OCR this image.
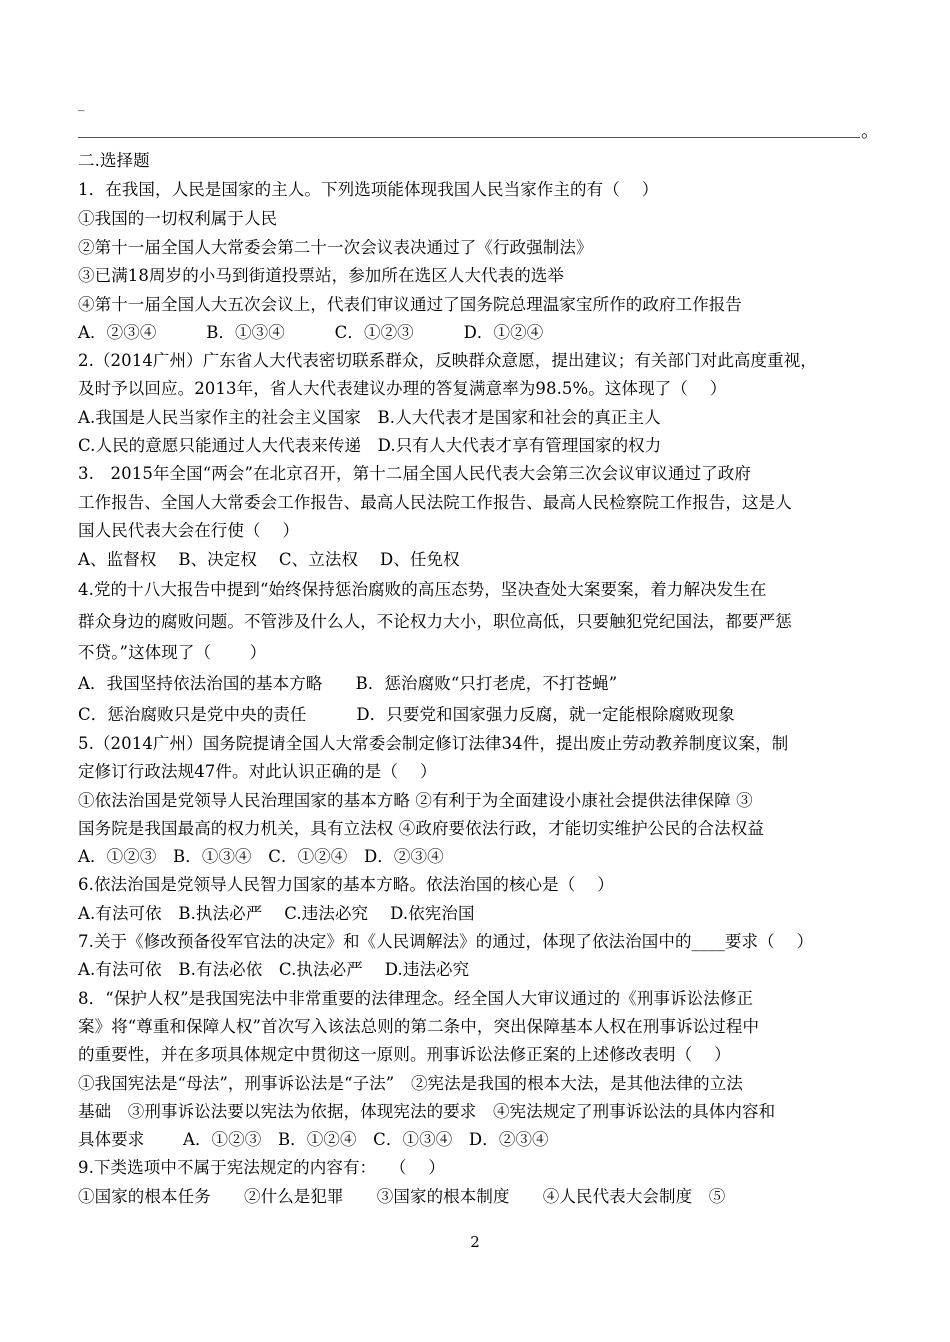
_
。
二.选择题
1．在我国，人民是国家的主人。下列选项能体现我国人民当家作主的有（　 ）
①我国的一切权利属于人民
②第十一届全国人大常委会第二十一次会议表决通过了《行政强制法》
③已满18周岁的小马到街道投票站，参加所在选区人大代表的选举
④第十一届全国人大五次会议上，代表们审议通过了国务院总理温家宝所作的政府工作报告
A．②③④　　　B．①③④　　　C．①②③　　　D．①②④
2.（2014广州）广东省人大代表密切联系群众，反映群众意愿，提出建议；有关部门对此高度重视，
及时予以回应。2013年，省人大代表建议办理的答复满意率为98.5%。这体现了（　 ）
A.我国是人民当家作主的社会主义国家　B.人大代表才是国家和社会的真正主人
C.人民的意愿只能通过人大代表来传递　D.只有人大代表才享有管理国家的权力
3.　2015年全国“两会”在北京召开，第十二届全国人民代表大会第三次会议审议通过了政府
工作报告、全国人大常委会工作报告、最高人民法院工作报告、最高人民检察院工作报告，这是人
国人民代表大会在行使（　 ）
A、监督权　 B、决定权　 C、立法权　 D、任免权
4.党的十八大报告中提到“始终保持惩治腐败的高压态势，坚决查处大案要案，着力解决发生在
群众身边的腐败问题。不管涉及什么人，不论权力大小，职位高低，只要触犯党纪国法，都要严惩
不贷。”这体现了（　　 ）
A．我国坚持依法治国的基本方略　　B．惩治腐败“只打老虎，不打苍蝇”
C．惩治腐败只是党中央的责任　　　D．只要党和国家强力反腐，就一定能根除腐败现象
5.（2014广州）国务院提请全国人大常委会制定修订法律34件，提出废止劳动教养制度议案，制
定修订行政法规47件。对此认识正确的是（　 ）
①依法治国是党领导人民治理国家的基本方略 ②有利于为全面建设小康社会提供法律保障 ③
国务院是我国最高的权力机关，具有立法权 ④政府要依法行政，才能切实维护公民的合法权益
A．①②③　B．①③④　C．①②④　D．②③④
6.依法治国是党领导人民智力国家的基本方略。依法治国的核心是（　 ）
A.有法可依　B.执法必严　 C.违法必究　 D.依宪治国
7.关于《修改预备役军官法的决定》和《人民调解法》的通过，体现了依法治国中的____要求（　 ）
A.有法可依　B.有法必依　C.执法必严　 D.违法必究
8．“保护人权”是我国宪法中非常重要的法律理念。经全国人大审议通过的《刑事诉讼法修正
案》将“尊重和保障人权”首次写入该法总则的第二条中，突出保障基本人权在刑事诉讼过程中
的重要性，并在多项具体规定中贯彻这一原则。刑事诉讼法修正案的上述修改表明（　 ）
①我国宪法是“母法”，刑事诉讼法是“子法”　②宪法是我国的根本大法，是其他法律的立法
基础　③刑事诉讼法要以宪法为依据，体现宪法的要求　④宪法规定了刑事诉讼法的具体内容和
具体要求　　 A．①②③　B．①②④　C．①③④　D．②③④
9.下类选项中不属于宪法规定的内容有：　 （　 ）
①国家的根本任务　　②什么是犯罪　　③国家的根本制度　　④人民代表大会制度　⑤
2
